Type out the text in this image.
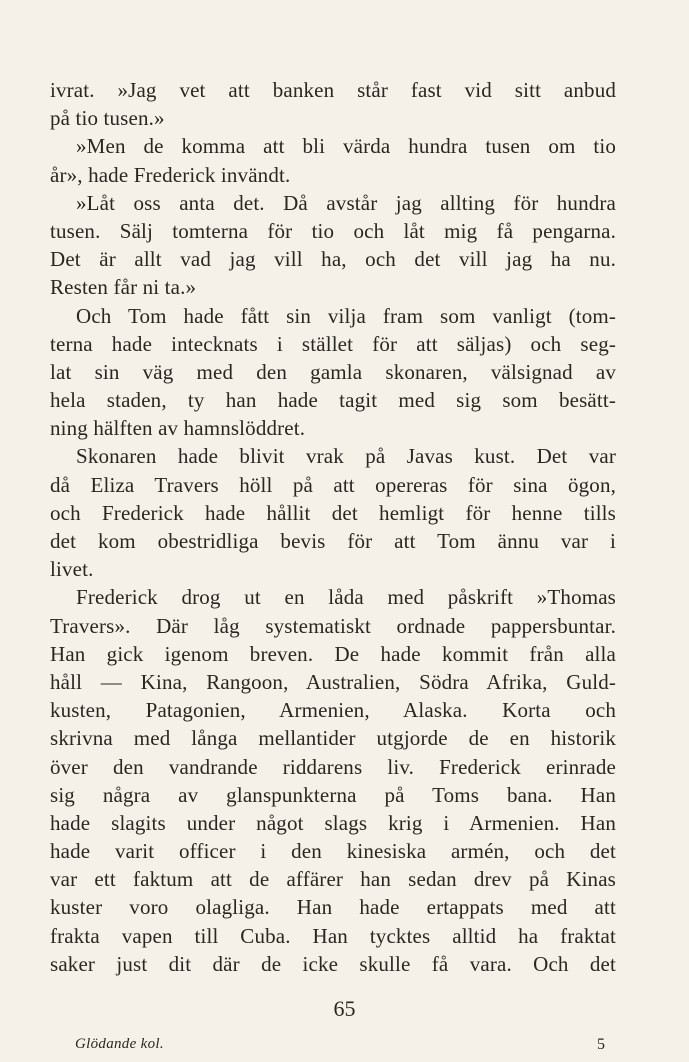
ivrat. »Jag vet att banken står fast vid sitt anbud
på tio tusen.»
»Men de komma att bli värda hundra tusen om tio
år», hade Frederick invändt.
»Låt oss anta det. Då avstår jag allting för hundra
tusen. Sälj tomterna för tio och låt mig få pengarna.
Det är allt vad jag vill ha, och det vill jag ha nu.
Resten får ni ta.»
Och Tom hade fått sin vilja fram som vanligt (tom-
terna hade intecknats i stället för att säljas) och seg-
lat sin väg med den gamla skonaren, välsignad av
hela staden, ty han hade tagit med sig som besätt-
ning hälften av hamnslöddret.
Skonaren hade blivit vrak på Javas kust. Det var
då Eliza Travers höll på att opereras för sina ögon,
och Frederick hade hållit det hemligt för henne tills
det kom obestridliga bevis för att Tom ännu var i
livet.
Frederick drog ut en låda med påskrift »Thomas
Travers». Där låg systematiskt ordnade pappersbuntar.
Han gick igenom breven. De hade kommit från alla
håll — Kina, Rangoon, Australien, Södra Afrika, Guld-
kusten, Patagonien, Armenien, Alaska. Korta och
skrivna med långa mellantider utgjorde de en historik
över den vandrande riddarens liv. Frederick erinrade
sig några av glanspunkterna på Toms bana. Han
hade slagits under något slags krig i Armenien. Han
hade varit officer i den kinesiska armén, och det
var ett faktum att de affärer han sedan drev på Kinas
kuster voro olagliga. Han hade ertappats med att
frakta vapen till Cuba. Han tycktes alltid ha fraktat
saker just dit där de icke skulle få vara. Och det
65
Glödande kol.	5
